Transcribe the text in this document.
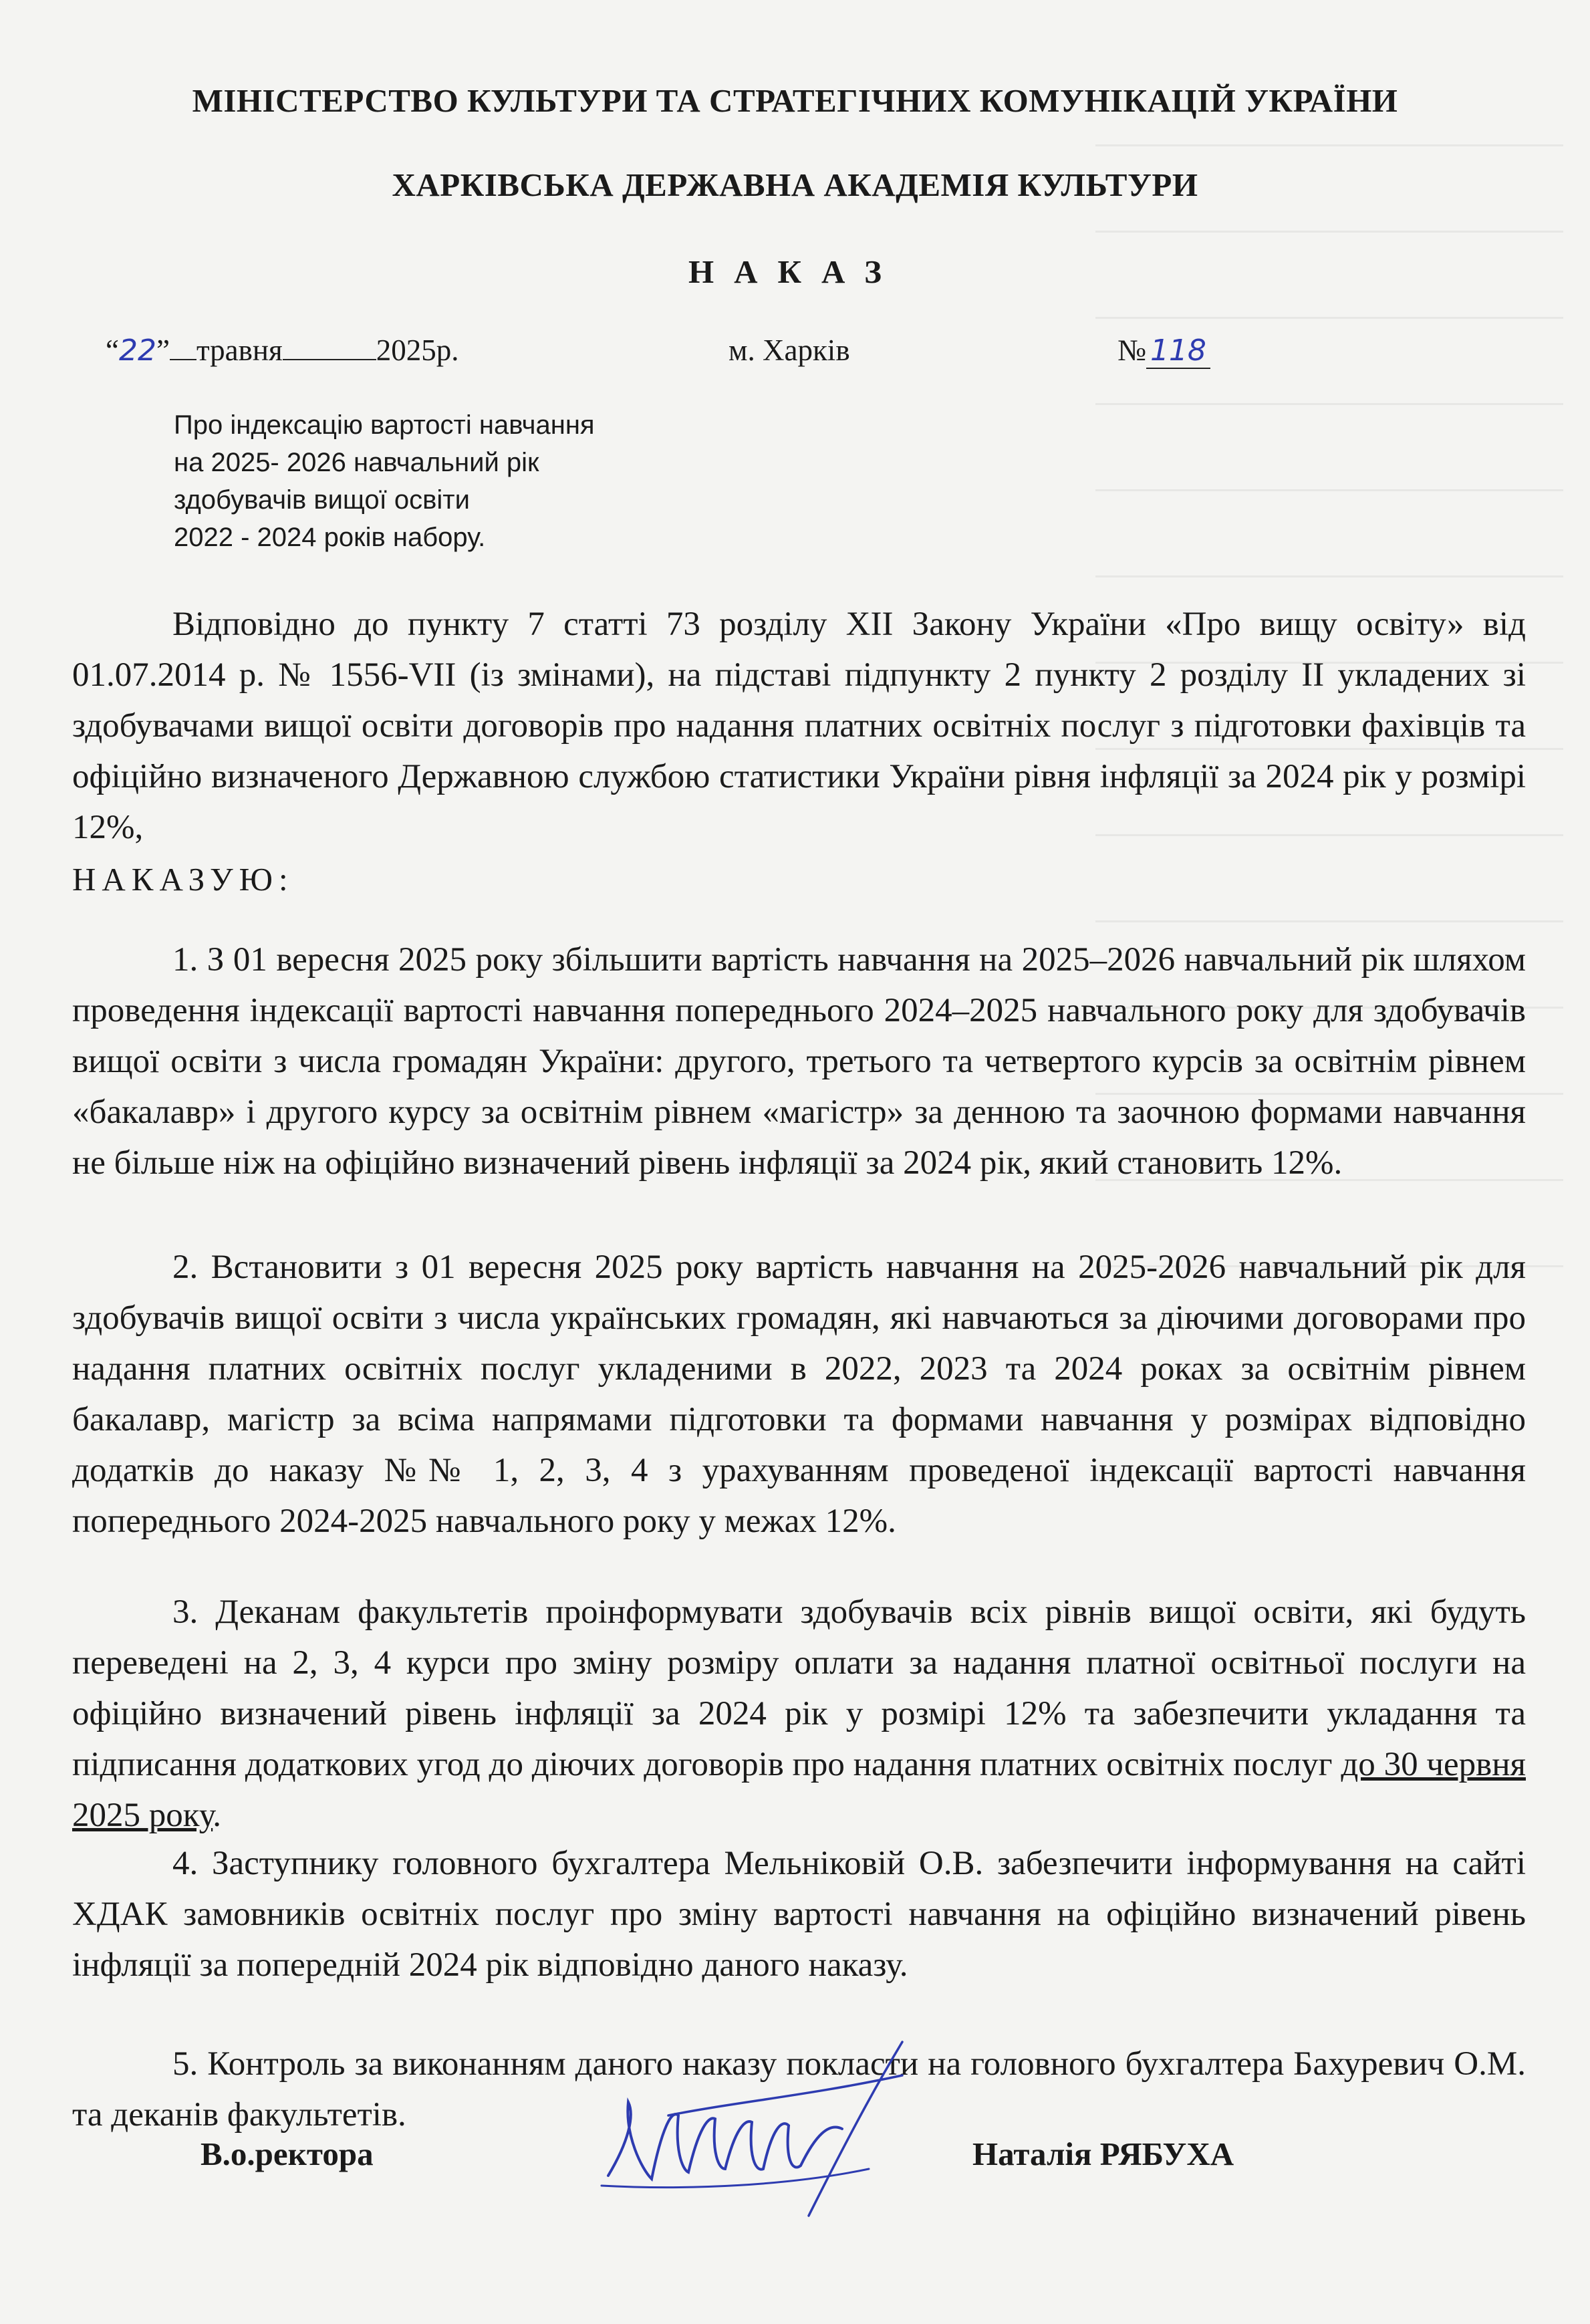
МІНІСТЕРСТВО КУЛЬТУРИ ТА СТРАТЕГІЧНИХ КОМУНІКАЦІЙ УКРАЇНИ
ХАРКІВСЬКА ДЕРЖАВНА АКАДЕМІЯ КУЛЬТУРИ
НАКАЗ
“22” травня	2025р.	м. Харків	№ 118
Про індексацію вартості навчання
на 2025- 2026 навчальний рік
здобувачів вищої освіти
2022 - 2024 років набору.
Відповідно до пункту 7 статті 73 розділу XII Закону України «Про вищу освіту» від 01.07.2014 р. № 1556-VII (із змінами), на підставі підпункту 2 пункту 2 розділу II укладених зі здобувачами вищої освіти договорів про надання платних освітніх послуг з підготовки фахівців та офіційно визначеного Державною службою статистики України рівня інфляції за 2024 рік у розмірі 12%,
НАКАЗУЮ:
1. З 01 вересня 2025 року збільшити вартість навчання на 2025–2026 навчальний рік шляхом проведення індексації вартості навчання попереднього 2024–2025 навчального року для здобувачів вищої освіти з числа громадян України: другого, третього та четвертого курсів за освітнім рівнем «бакалавр» і другого курсу за освітнім рівнем «магістр» за денною та заочною формами навчання не більше ніж на офіційно визначений рівень інфляції за 2024 рік, який становить 12%.
2. Встановити з 01 вересня 2025 року вартість навчання на 2025-2026 навчальний рік для здобувачів вищої освіти з числа українських громадян, які навчаються за діючими договорами про надання платних освітніх послуг укладеними в 2022, 2023 та 2024 роках за освітнім рівнем бакалавр, магістр за всіма напрямами підготовки та формами навчання у розмірах відповідно додатків до наказу №№ 1, 2, 3, 4 з урахуванням проведеної індексації вартості навчання попереднього 2024-2025 навчального року у межах 12%.
3. Деканам факультетів проінформувати здобувачів всіх рівнів вищої освіти, які будуть переведені на 2, 3, 4 курси про зміну розміру оплати за надання платної освітньої послуги на офіційно визначений рівень інфляції за 2024 рік у розмірі 12% та забезпечити укладання та підписання додаткових угод до діючих договорів про надання платних освітніх послуг до 30 червня 2025 року.
4. Заступнику головного бухгалтера Мельніковій О.В. забезпечити інформування на сайті ХДАК замовників освітніх послуг про зміну вартості навчання на офіційно визначений рівень інфляції за попередній 2024 рік відповідно даного наказу.
5. Контроль за виконанням даного наказу покласти на головного бухгалтера Бахуревич О.М. та деканів факультетів.
В.о.ректора	Наталія РЯБУХА
